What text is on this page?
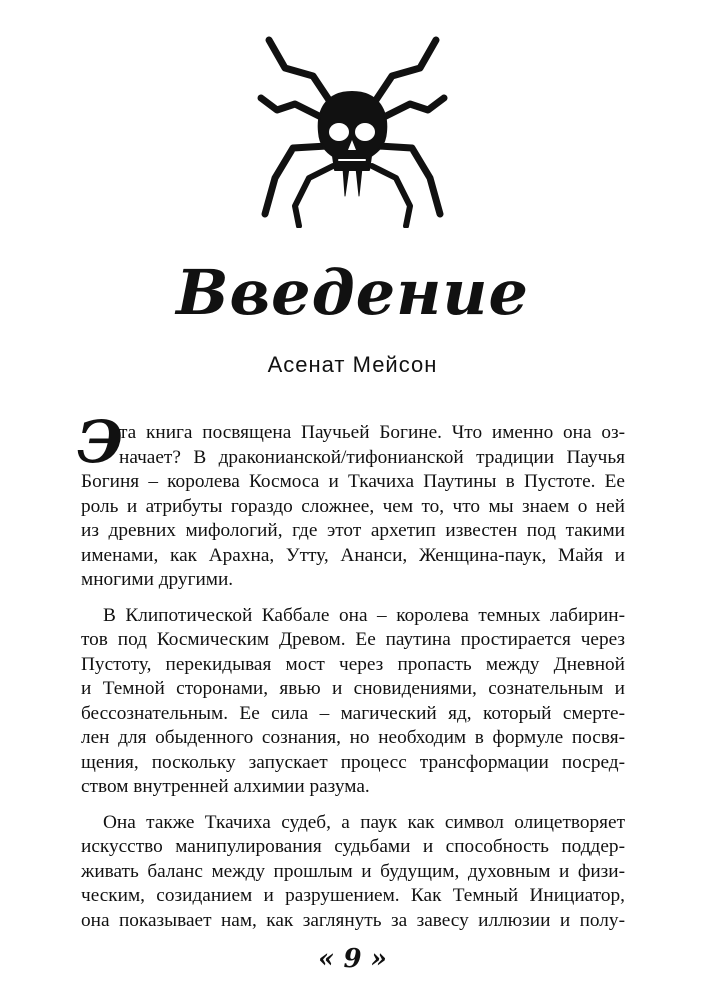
Введение
Асенат Мейсон
Э
та книга посвящена Паучьей Богине. Что именно она оз-
начает? В драконианской/тифонианской традиции Паучья
Богиня – королева Космоса и Ткачиха Паутины в Пустоте. Ее
роль и атрибуты гораздо сложнее, чем то, что мы знаем о ней
из древних мифологий, где этот архетип известен под такими
именами, как Арахна, Утту, Ананси, Женщина-паук, Майя и
многими другими.
В Клипотической Каббале она – королева темных лабирин-
тов под Космическим Древом. Ее паутина простирается через
Пустоту, перекидывая мост через пропасть между Дневной
и Темной сторонами, явью и сновидениями, сознательным и
бессознательным. Ее сила – магический яд, который смертe-
лен для обыденного сознания, но необходим в формуле посвя-
щения, поскольку запускает процесс трансформации посред-
ством внутренней алхимии разума.
Она также Ткачиха судеб, а паук как символ олицетворяет
искусство манипулирования судьбами и способность поддер-
живать баланс между прошлым и будущим, духовным и физи-
ческим, созиданием и разрушением. Как Темный Инициатор,
она показывает нам, как заглянуть за завесу иллюзии и полу-
« 9 »
